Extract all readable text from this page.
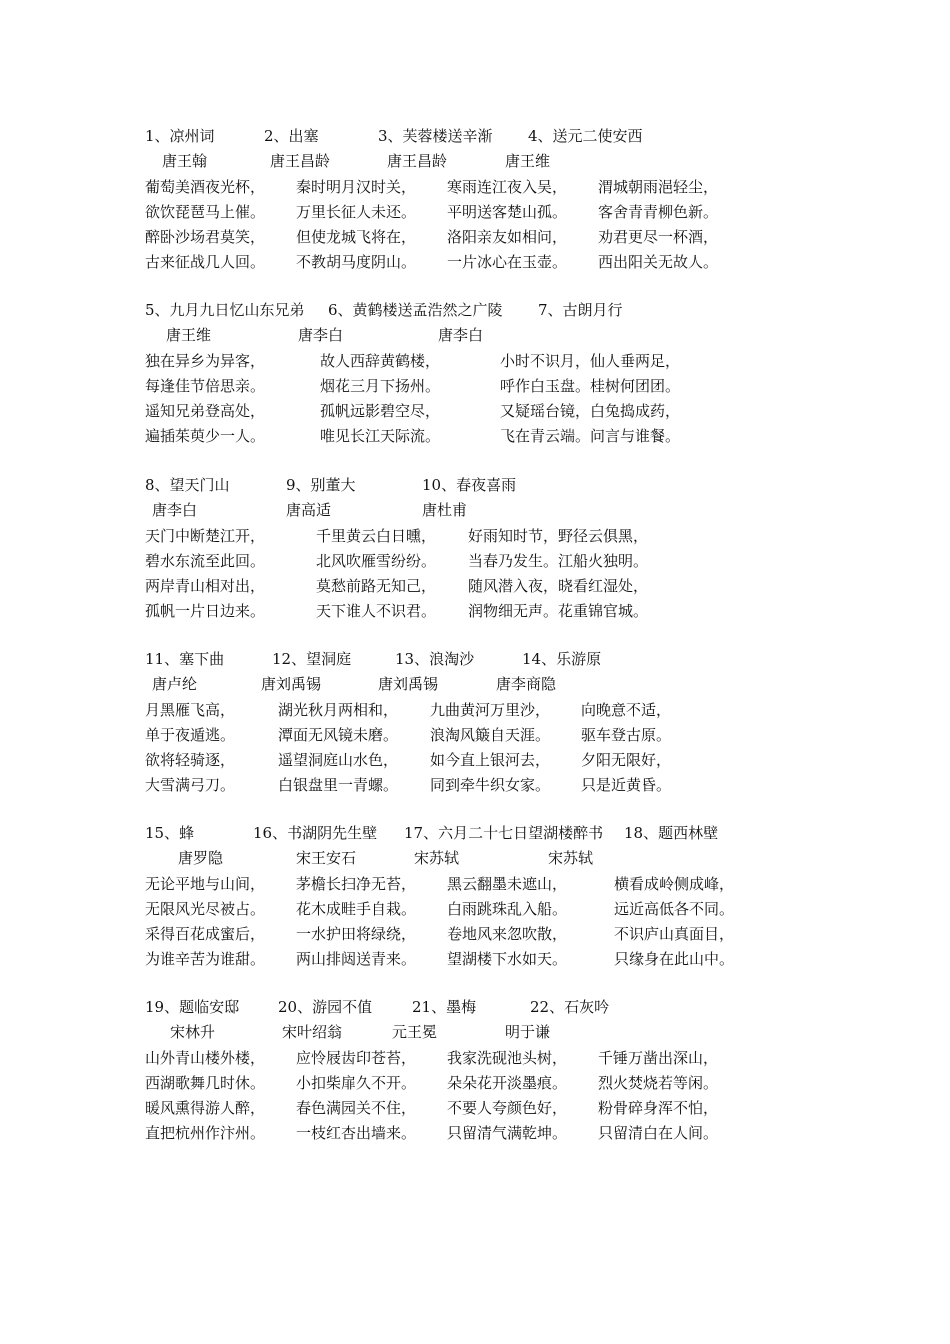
1、凉州词	2、出塞	3、芙蓉楼送辛渐 4、送元二使安西
唐王翰	唐王昌龄	唐王昌龄	唐王维
葡萄美酒夜光杯， 秦时明月汉时关， 寒雨连江夜入吴， 渭城朝雨浥轻尘，
欲饮琵琶马上催。 万里长征人未还。 平明送客楚山孤。 客舍青青柳色新。
醉卧沙场君莫笑， 但使龙城飞将在， 洛阳亲友如相问， 劝君更尽一杯酒，
古来征战几人回。 不教胡马度阴山。 一片冰心在玉壶。 西出阳关无故人。
5、九月九日忆山东兄弟 6、黄鹤楼送孟浩然之广陵 7、古朗月行
唐王维	唐李白	唐李白
独在异乡为异客，	故人西辞黄鹤楼，	小时不识月，仙人垂两足，
每逢佳节倍思亲。	烟花三月下扬州。	呼作白玉盘。桂树何团团。
遥知兄弟登高处，	孤帆远影碧空尽，	又疑瑶台镜，白兔捣成药，
遍插茱萸少一人。	唯见长江天际流。	飞在青云端。问言与谁餐。
8、望天门山	9、别董大	10、春夜喜雨
唐李白	唐高适	唐杜甫
天门中断楚江开，	千里黄云白日曛， 好雨知时节，野径云俱黑，
碧水东流至此回。	北风吹雁雪纷纷。 当春乃发生。江船火独明。
两岸青山相对出，	莫愁前路无知己， 随风潜入夜，晓看红湿处，
孤帆一片日边来。	天下谁人不识君。 润物细无声。花重锦官城。
11、塞下曲	12、望洞庭	13、浪淘沙	14、乐游原
唐卢纶	唐刘禹锡	唐刘禹锡	唐李商隐
月黑雁飞高，	湖光秋月两相和， 九曲黄河万里沙， 向晚意不适，
单于夜遁逃。	潭面无风镜未磨。 浪淘风簸自天涯。 驱车登古原。
欲将轻骑逐，	遥望洞庭山水色， 如今直上银河去， 夕阳无限好，
大雪满弓刀。	白银盘里一青螺。 同到牵牛织女家。 只是近黄昏。
15、蜂	16、书湖阴先生壁 17、六月二十七日望湖楼醉书 18、题西林壁
唐罗隐	宋王安石	宋苏轼	宋苏轼
无论平地与山间， 茅檐长扫净无苔， 黑云翻墨未遮山，	横看成岭侧成峰，
无限风光尽被占。 花木成畦手自栽。 白雨跳珠乱入船。	远近高低各不同。
采得百花成蜜后， 一水护田将绿绕， 卷地风来忽吹散，	不识庐山真面目，
为谁辛苦为谁甜。 两山排闼送青来。 望湖楼下水如天。	只缘身在此山中。
19、题临安邸	20、游园不值	21、墨梅	22、石灰吟
宋林升	宋叶绍翁	元王冕	明于谦
山外青山楼外楼， 应怜屐齿印苍苔， 我家洗砚池头树， 千锤万凿出深山，
西湖歌舞几时休。 小扣柴扉久不开。 朵朵花开淡墨痕。 烈火焚烧若等闲。
暖风熏得游人醉， 春色满园关不住， 不要人夸颜色好， 粉骨碎身浑不怕，
直把杭州作汴州。 一枝红杏出墙来。 只留清气满乾坤。 只留清白在人间。
